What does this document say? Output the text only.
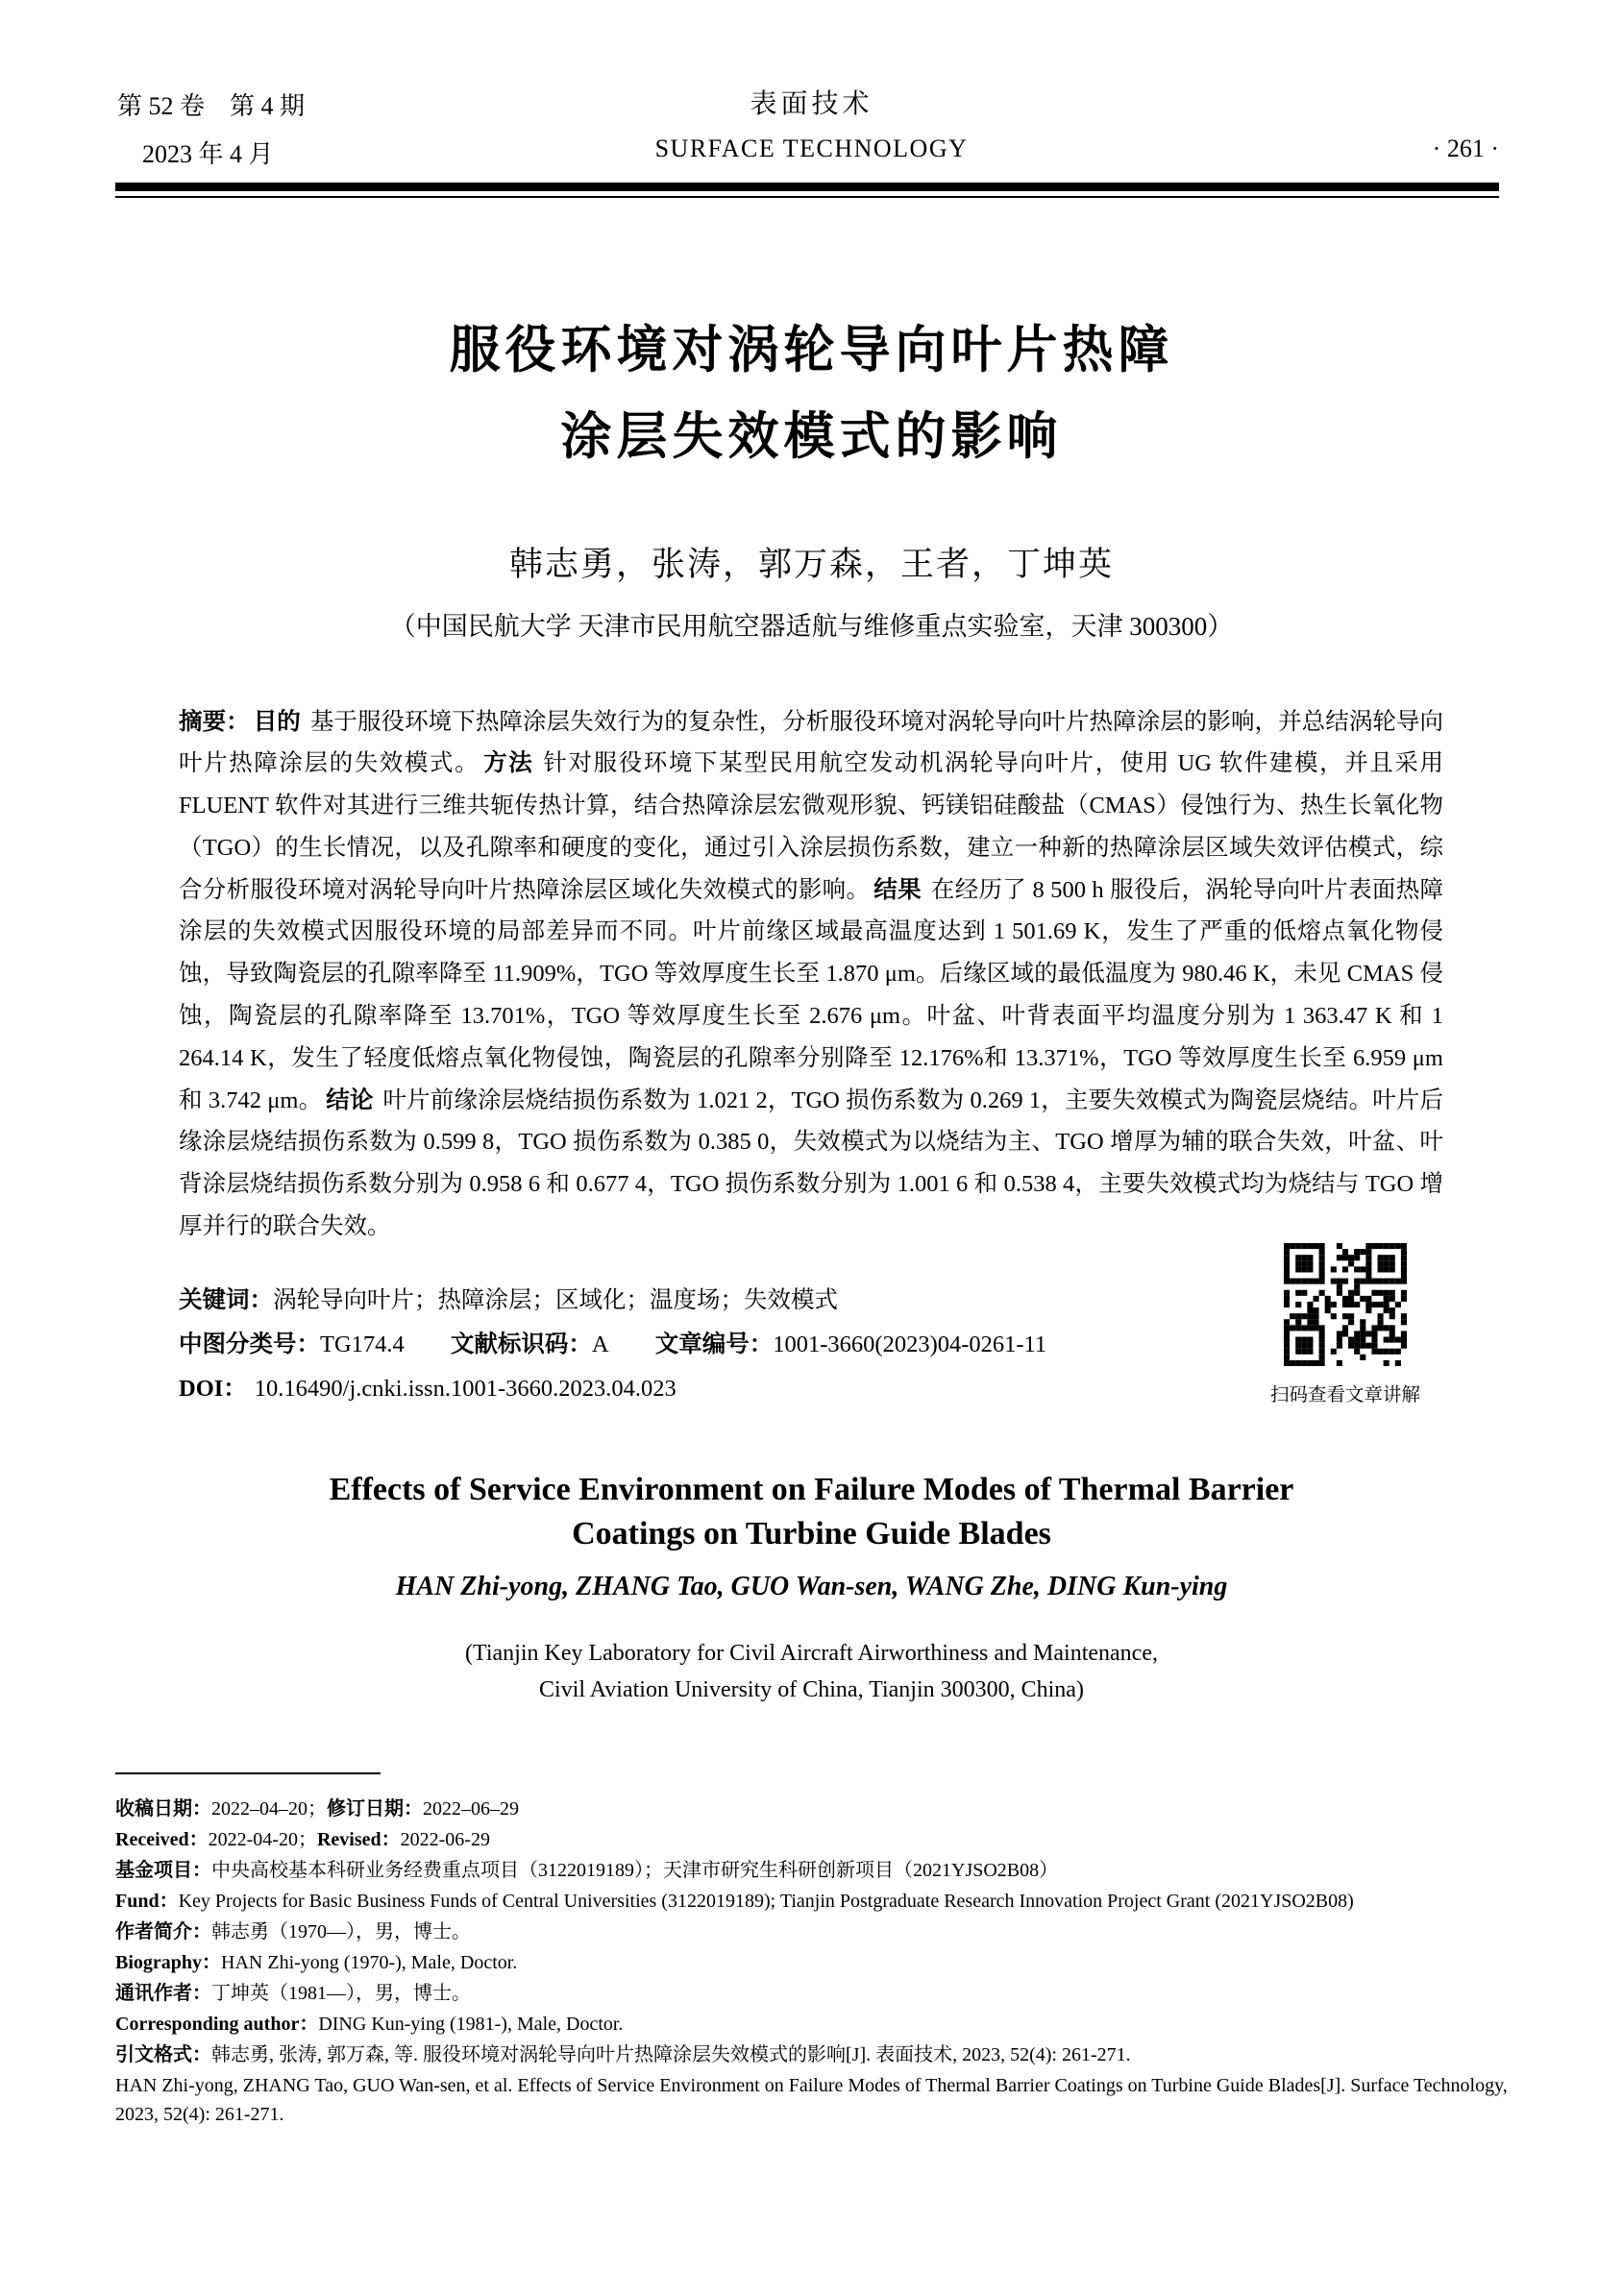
第 52 卷　第 4 期	表面技术
2023 年 4 月	SURFACE TECHNOLOGY	· 261 ·
服役环境对涡轮导向叶片热障
涂层失效模式的影响
韩志勇，张涛，郭万森，王者，丁坤英
（中国民航大学 天津市民用航空器适航与维修重点实验室，天津 300300）

摘要： 目的 基于服役环境下热障涂层失效行为的复杂性，分析服役环境对涡轮导向叶片热障涂层的影响，并总结涡轮导向叶片热障涂层的失效模式。 方法 针对服役环境下某型民用航空发动机涡轮导向叶片，使用 UG 软件建模，并且采用 FLUENT 软件对其进行三维共轭传热计算，结合热障涂层宏微观形貌、钙镁铝硅酸盐（CMAS）侵蚀行为、热生长氧化物（TGO）的生长情况，以及孔隙率和硬度的变化，通过引入涂层损伤系数，建立一种新的热障涂层区域失效评估模式，综合分析服役环境对涡轮导向叶片热障涂层区域化失效模式的影响。 结果 在经历了 8 500 h 服役后，涡轮导向叶片表面热障涂层的失效模式因服役环境的局部差异而不同。叶片前缘区域最高温度达到 1 501.69 K，发生了严重的低熔点氧化物侵蚀，导致陶瓷层的孔隙率降至 11.909%，TGO 等效厚度生长至 1.870 μm。后缘区域的最低温度为 980.46 K，未见 CMAS 侵蚀，陶瓷层的孔隙率降至 13.701%，TGO 等效厚度生长至 2.676 μm。叶盆、叶背表面平均温度分别为 1 363.47 K 和 1 264.14 K，发生了轻度低熔点氧化物侵蚀，陶瓷层的孔隙率分别降至 12.176%和 13.371%，TGO 等效厚度生长至 6.959 μm 和 3.742 μm。 结论 叶片前缘涂层烧结损伤系数为 1.021 2，TGO 损伤系数为 0.269 1，主要失效模式为陶瓷层烧结。叶片后缘涂层烧结损伤系数为 0.599 8，TGO 损伤系数为 0.385 0，失效模式为以烧结为主、TGO 增厚为辅的联合失效，叶盆、叶背涂层烧结损伤系数分别为 0.958 6 和 0.677 4，TGO 损伤系数分别为 1.001 6 和 0.538 4，主要失效模式均为烧结与 TGO 增厚并行的联合失效。

关键词：涡轮导向叶片；热障涂层；区域化；温度场；失效模式
中图分类号：TG174.4 文献标识码：A 文章编号：1001-3660(2023)04-0261-11
DOI： 10.16490/j.cnki.issn.1001-3660.2023.04.023	扫码查看文章讲解
Effects of Service Environment on Failure Modes of Thermal Barrier
Coatings on Turbine Guide Blades
HAN Zhi-yong, ZHANG Tao, GUO Wan-sen, WANG Zhe, DING Kun-ying
(Tianjin Key Laboratory for Civil Aircraft Airworthiness and Maintenance,
Civil Aviation University of China, Tianjin 300300, China)
收稿日期：2022–04–20；修订日期：2022–06–29
Received：2022-04-20；Revised：2022-06-29
基金项目：中央高校基本科研业务经费重点项目（3122019189）；天津市研究生科研创新项目（2021YJSO2B08）
Fund：Key Projects for Basic Business Funds of Central Universities (3122019189); Tianjin Postgraduate Research Innovation Project Grant (2021YJSO2B08)
作者简介：韩志勇（1970—），男，博士。
Biography：HAN Zhi-yong (1970-), Male, Doctor.
通讯作者：丁坤英（1981—），男，博士。
Corresponding author：DING Kun-ying (1981-), Male, Doctor.
引文格式：韩志勇, 张涛, 郭万森, 等. 服役环境对涡轮导向叶片热障涂层失效模式的影响[J]. 表面技术, 2023, 52(4): 261-271.
HAN Zhi-yong, ZHANG Tao, GUO Wan-sen, et al. Effects of Service Environment on Failure Modes of Thermal Barrier Coatings on Turbine Guide Blades[J]. Surface Technology, 2023, 52(4): 261-271.
